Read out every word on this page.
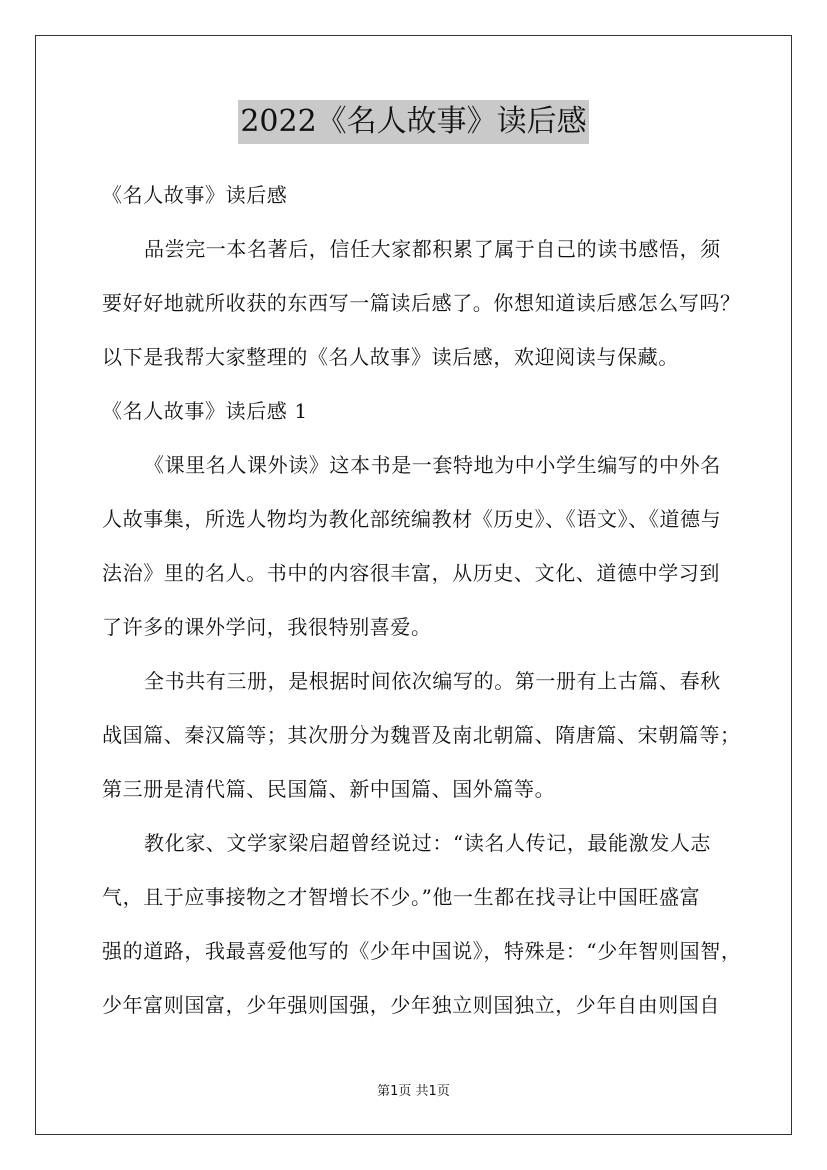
2022《名人故事》读后感
《名人故事》读后感
品尝完一本名著后，信任大家都积累了属于自己的读书感悟，须
要好好地就所收获的东西写一篇读后感了。你想知道读后感怎么写吗？
以下是我帮大家整理的《名人故事》读后感，欢迎阅读与保藏。
《名人故事》读后感 1
《课里名人课外读》这本书是一套特地为中小学生编写的中外名
人故事集，所选人物均为教化部统编教材《历史》、《语文》、《道德与
法治》里的名人。书中的内容很丰富，从历史、文化、道德中学习到
了许多的课外学问，我很特别喜爱。
全书共有三册，是根据时间依次编写的。第一册有上古篇、春秋
战国篇、秦汉篇等；其次册分为魏晋及南北朝篇、隋唐篇、宋朝篇等；
第三册是清代篇、民国篇、新中国篇、国外篇等。
教化家、文学家梁启超曾经说过：“读名人传记，最能激发人志
气，且于应事接物之才智增长不少。”他一生都在找寻让中国旺盛富
强的道路，我最喜爱他写的《少年中国说》，特殊是：“少年智则国智，
少年富则国富，少年强则国强，少年独立则国独立，少年自由则国自
第1页 共1页
